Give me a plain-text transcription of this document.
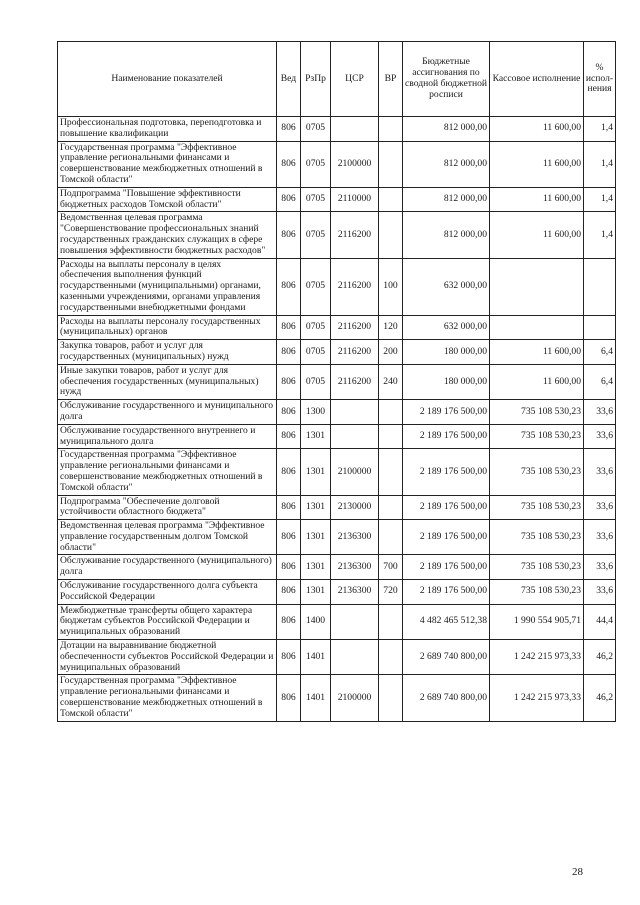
Наименование показателей	Вед	РзПр	ЦСР	ВР	Бюджетные ассигнования по сводной бюджетной росписи	Кассовое исполнение	% испол-нения
Профессиональная подготовка, переподготовка и повышение квалификации	806	0705			812 000,00	11 600,00	1,4
Государственная программа "Эффективное управление региональными финансами и совершенствование межбюджетных отношений в Томской области"	806	0705	2100000		812 000,00	11 600,00	1,4
Подпрограмма "Повышение эффективности бюджетных расходов Томской области"	806	0705	2110000		812 000,00	11 600,00	1,4
Ведомственная целевая программа "Совершенствование профессиональных знаний государственных гражданских служащих в сфере повышения эффективности бюджетных расходов"	806	0705	2116200		812 000,00	11 600,00	1,4
Расходы на выплаты персоналу в целях обеспечения выполнения функций государственными (муниципальными) органами, казенными учреждениями, органами управления государственными внебюджетными фондами	806	0705	2116200	100	632 000,00		
Расходы на выплаты персоналу государственных (муниципальных) органов	806	0705	2116200	120	632 000,00		
Закупка товаров, работ и услуг для государственных (муниципальных) нужд	806	0705	2116200	200	180 000,00	11 600,00	6,4
Иные закупки товаров, работ и услуг для обеспечения государственных (муниципальных) нужд	806	0705	2116200	240	180 000,00	11 600,00	6,4
Обслуживание государственного и муниципального долга	806	1300			2 189 176 500,00	735 108 530,23	33,6
Обслуживание государственного внутреннего и муниципального долга	806	1301			2 189 176 500,00	735 108 530,23	33,6
Государственная программа "Эффективное управление региональными финансами и совершенствование межбюджетных отношений в Томской области"	806	1301	2100000		2 189 176 500,00	735 108 530,23	33,6
Подпрограмма "Обеспечение долговой устойчивости областного бюджета"	806	1301	2130000		2 189 176 500,00	735 108 530,23	33,6
Ведомственная целевая программа "Эффективное управление государственным долгом Томской области"	806	1301	2136300		2 189 176 500,00	735 108 530,23	33,6
Обслуживание государственного (муниципального) долга	806	1301	2136300	700	2 189 176 500,00	735 108 530,23	33,6
Обслуживание государственного долга субъекта Российской Федерации	806	1301	2136300	720	2 189 176 500,00	735 108 530,23	33,6
Межбюджетные трансферты общего характера бюджетам субъектов Российской Федерации и муниципальных образований	806	1400			4 482 465 512,38	1 990 554 905,71	44,4
Дотации на выравнивание бюджетной обеспеченности субъектов Российской Федерации и муниципальных образований	806	1401			2 689 740 800,00	1 242 215 973,33	46,2
Государственная программа "Эффективное управление региональными финансами и совершенствование межбюджетных отношений в Томской области"	806	1401	2100000		2 689 740 800,00	1 242 215 973,33	46,2
28
